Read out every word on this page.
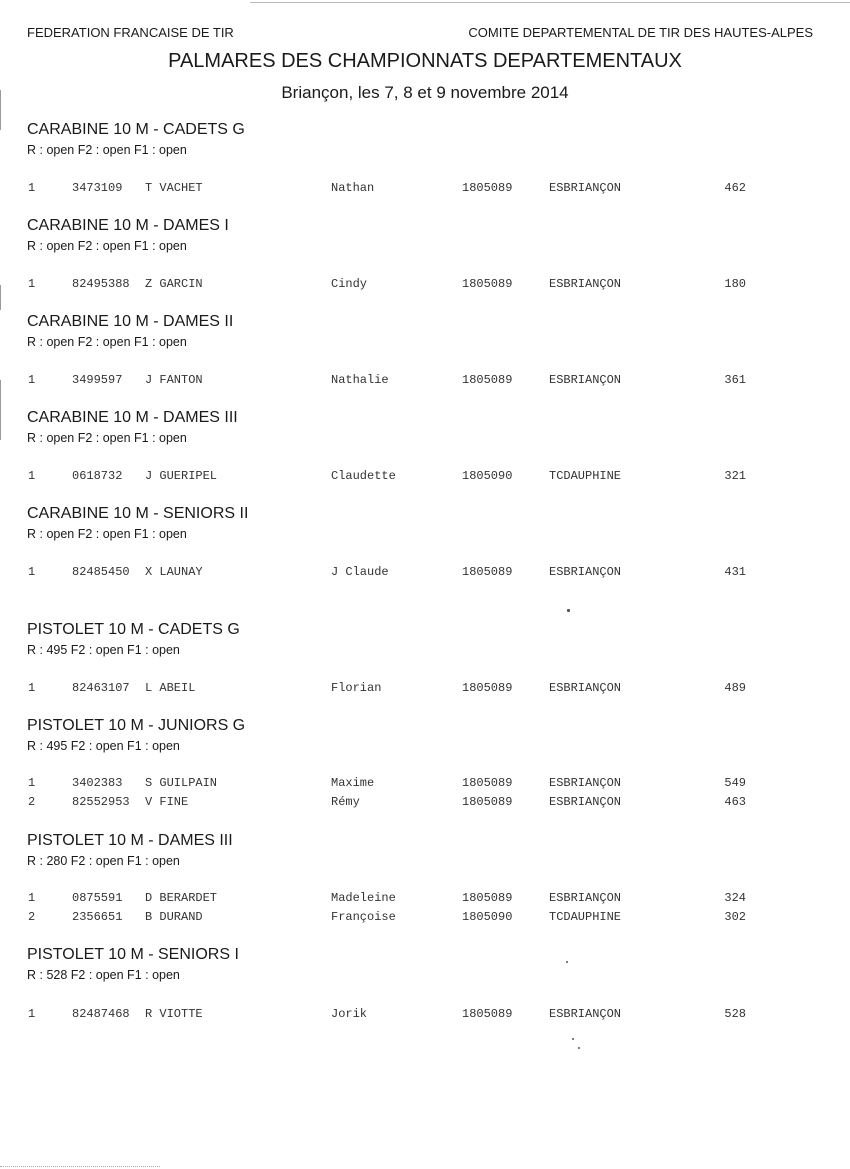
FEDERATION FRANCAISE DE TIR	COMITE DEPARTEMENTAL DE TIR DES HAUTES-ALPES
PALMARES DES CHAMPIONNATS DEPARTEMENTAUX
Briançon, les 7, 8 et 9 novembre 2014
CARABINE 10 M - CADETS G
R : open F2 : open F1 : open
1	3473109 T VACHET	Nathan	1805089	ESBRIANÇON	462
CARABINE 10 M - DAMES I
R : open F2 : open F1 : open
1	82495388 Z GARCIN	Cindy	1805089	ESBRIANÇON	180
CARABINE 10 M - DAMES II
R : open F2 : open F1 : open
1	3499597 J FANTON	Nathalie	1805089	ESBRIANÇON	361
CARABINE 10 M - DAMES III
R : open F2 : open F1 : open
1	0618732 J GUERIPEL	Claudette	1805090	TCDAUPHINE	321
CARABINE 10 M - SENIORS II
R : open F2 : open F1 : open
1	82485450 X LAUNAY	J Claude	1805089	ESBRIANÇON	431
PISTOLET 10 M - CADETS G
R : 495 F2 : open F1 : open
1	82463107 L ABEIL	Florian	1805089	ESBRIANÇON	489
PISTOLET 10 M - JUNIORS G
R : 495 F2 : open F1 : open
1	3402383 S GUILPAIN	Maxime	1805089	ESBRIANÇON	549
2	82552953 V FINE	Rémy	1805089	ESBRIANÇON	463
PISTOLET 10 M - DAMES III
R : 280 F2 : open F1 : open
1	0875591 D BERARDET	Madeleine	1805089	ESBRIANÇON	324
2	2356651 B DURAND	Françoise	1805090	TCDAUPHINE	302
PISTOLET 10 M - SENIORS I
R : 528 F2 : open F1 : open
1	82487468 R VIOTTE	Jorik	1805089	ESBRIANÇON	528
